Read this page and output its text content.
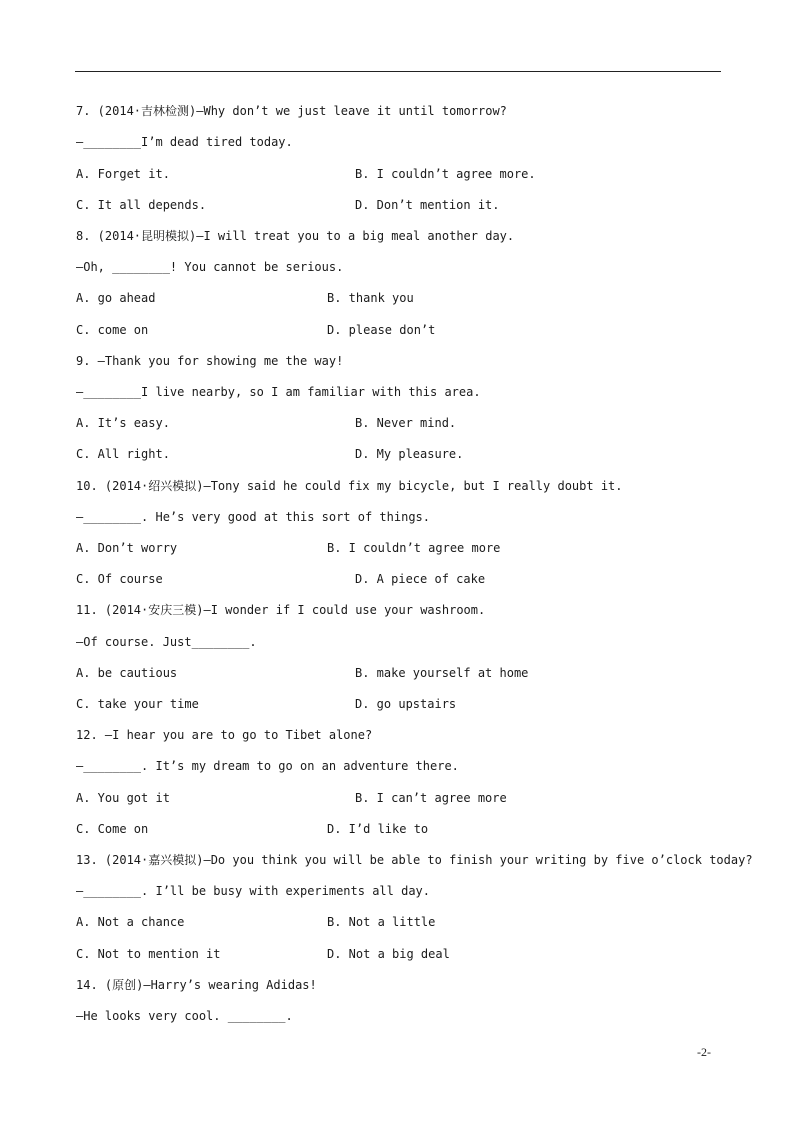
7. (2014·吉林检测)—Why don’t we just leave it until tomorrow?
—________I’m dead tired today.
A. Forget it.	B. I couldn’t agree more.
C. It all depends.	D. Don’t mention it.
8. (2014·昆明模拟)—I will treat you to a big meal another day.
—Oh, ________! You cannot be serious.
A. go ahead	B. thank you
C. come on	D. please don’t
9. —Thank you for showing me the way!
—________I live nearby, so I am familiar with this area.
A. It’s easy.	B. Never mind.
C. All right.	D. My pleasure.
10. (2014·绍兴模拟)—Tony said he could fix my bicycle, but I really doubt it.
—________. He’s very good at this sort of things.
A. Don’t worry	B. I couldn’t agree more
C. Of course	D. A piece of cake
11. (2014·安庆三模)—I wonder if I could use your washroom.
—Of course. Just________.
A. be cautious	B. make yourself at home
C. take your time	D. go upstairs
12. —I hear you are to go to Tibet alone?
—________. It’s my dream to go on an adventure there.
A. You got it	B. I can’t agree more
C. Come on	D. I’d like to
13. (2014·嘉兴模拟)—Do you think you will be able to finish your writing by five o’clock today?
—________. I’ll be busy with experiments all day.
A. Not a chance	B. Not a little
C. Not to mention it	D. Not a big deal
14. (原创)—Harry’s wearing Adidas!
—He looks very cool. ________.
-2-
